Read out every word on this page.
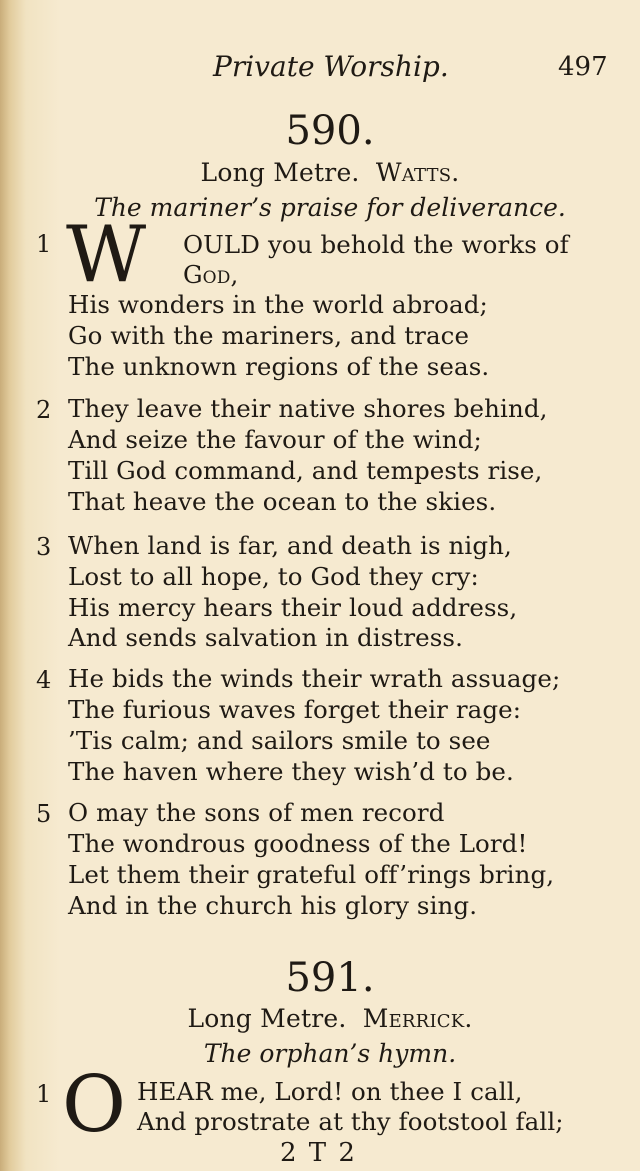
Private Worship.	497
590.
Long Metre. Watts.
The mariner’s praise for deliverance.
1 W OULD you behold the works of
God,
His wonders in the world abroad;
Go with the mariners, and trace
The unknown regions of the seas.
2 They leave their native shores behind,
And seize the favour of the wind;
Till God command, and tempests rise,
That heave the ocean to the skies.
3 When land is far, and death is nigh,
Lost to all hope, to God they cry:
His mercy hears their loud address,
And sends salvation in distress.
4 He bids the winds their wrath assuage;
The furious waves forget their rage:
’Tis calm; and sailors smile to see
The haven where they wish’d to be.
5 O may the sons of men record
The wondrous goodness of the Lord!
Let them their grateful off’rings bring,
And in the church his glory sing.
591.
Long Metre. Merrick.
The orphan’s hymn.
1 O HEAR me, Lord! on thee I call,
And prostrate at thy footstool fall;
2 T 2
